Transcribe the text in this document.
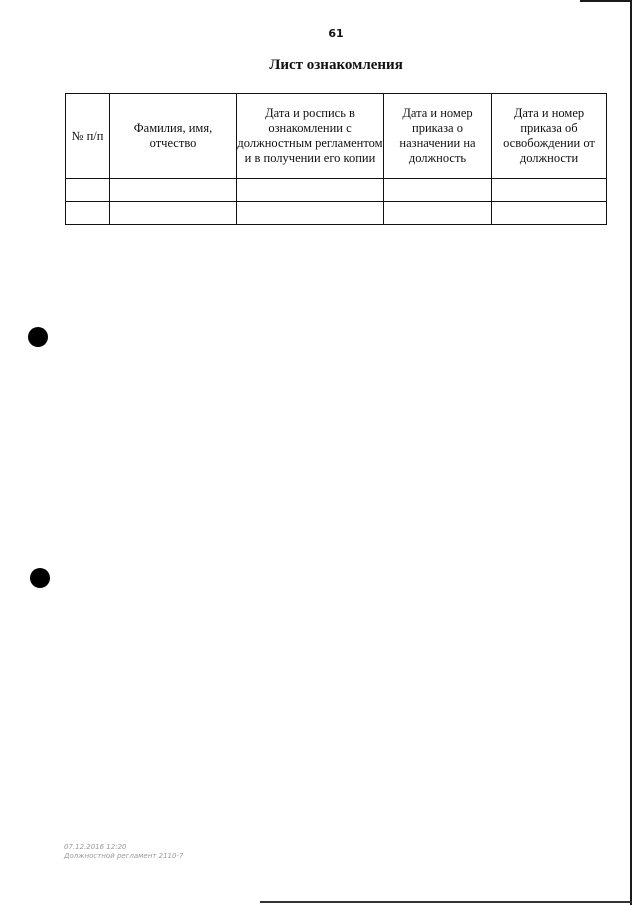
61
Лист ознакомления
№ п/п	Фамилия, имя, отчество	Дата и роспись в ознакомлении с должностным регламентом и в получении его копии	Дата и номер приказа о назначении на должность	Дата и номер приказа об освобождении от должности

07.12.2016 12:20
Должностной регламент 2110-7
